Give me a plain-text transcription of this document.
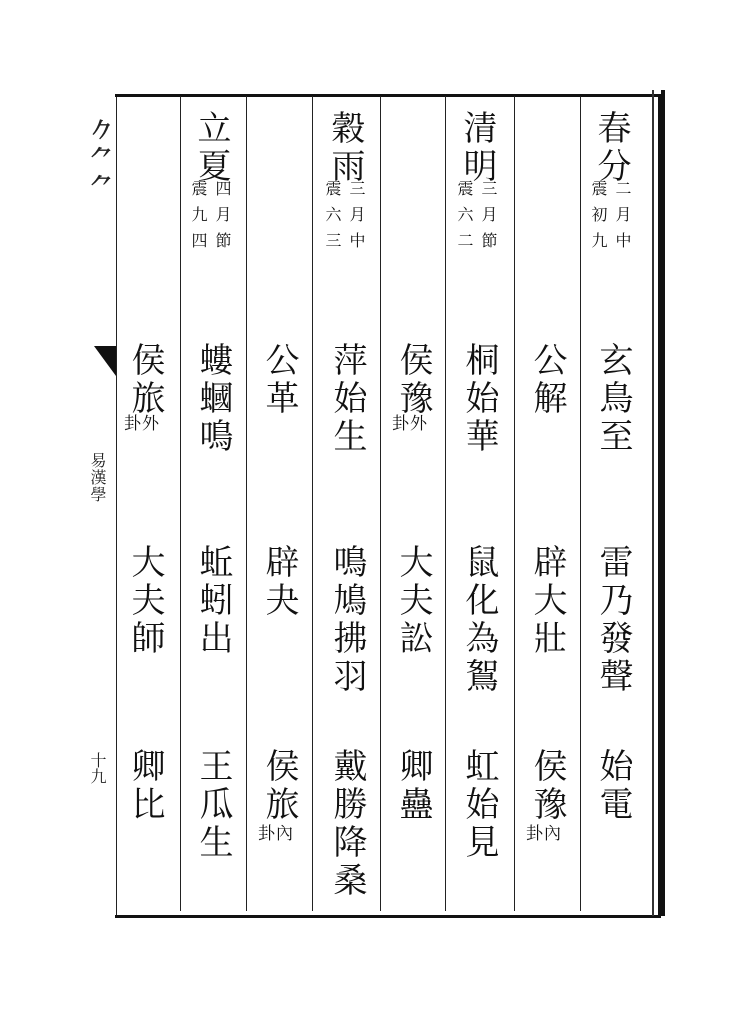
𠂊⺈⺈
易漢學
十九
春分
二月中
震初九
玄鳥至
雷乃發聲
始電
公解
辟大壯
侯豫
卦內
清明
三月節
震六二
桐始華
鼠化為鴽
虹始見
侯豫
卦外
大夫訟
卿蠱
穀雨
三月中
震六三
萍始生
鳴鳩拂羽
戴勝降桑
公革
辟夬
侯旅
卦內
立夏
四月節
震九四
螻蟈鳴
蚯蚓出
王瓜生
侯旅
卦外
大夫師
卿比
